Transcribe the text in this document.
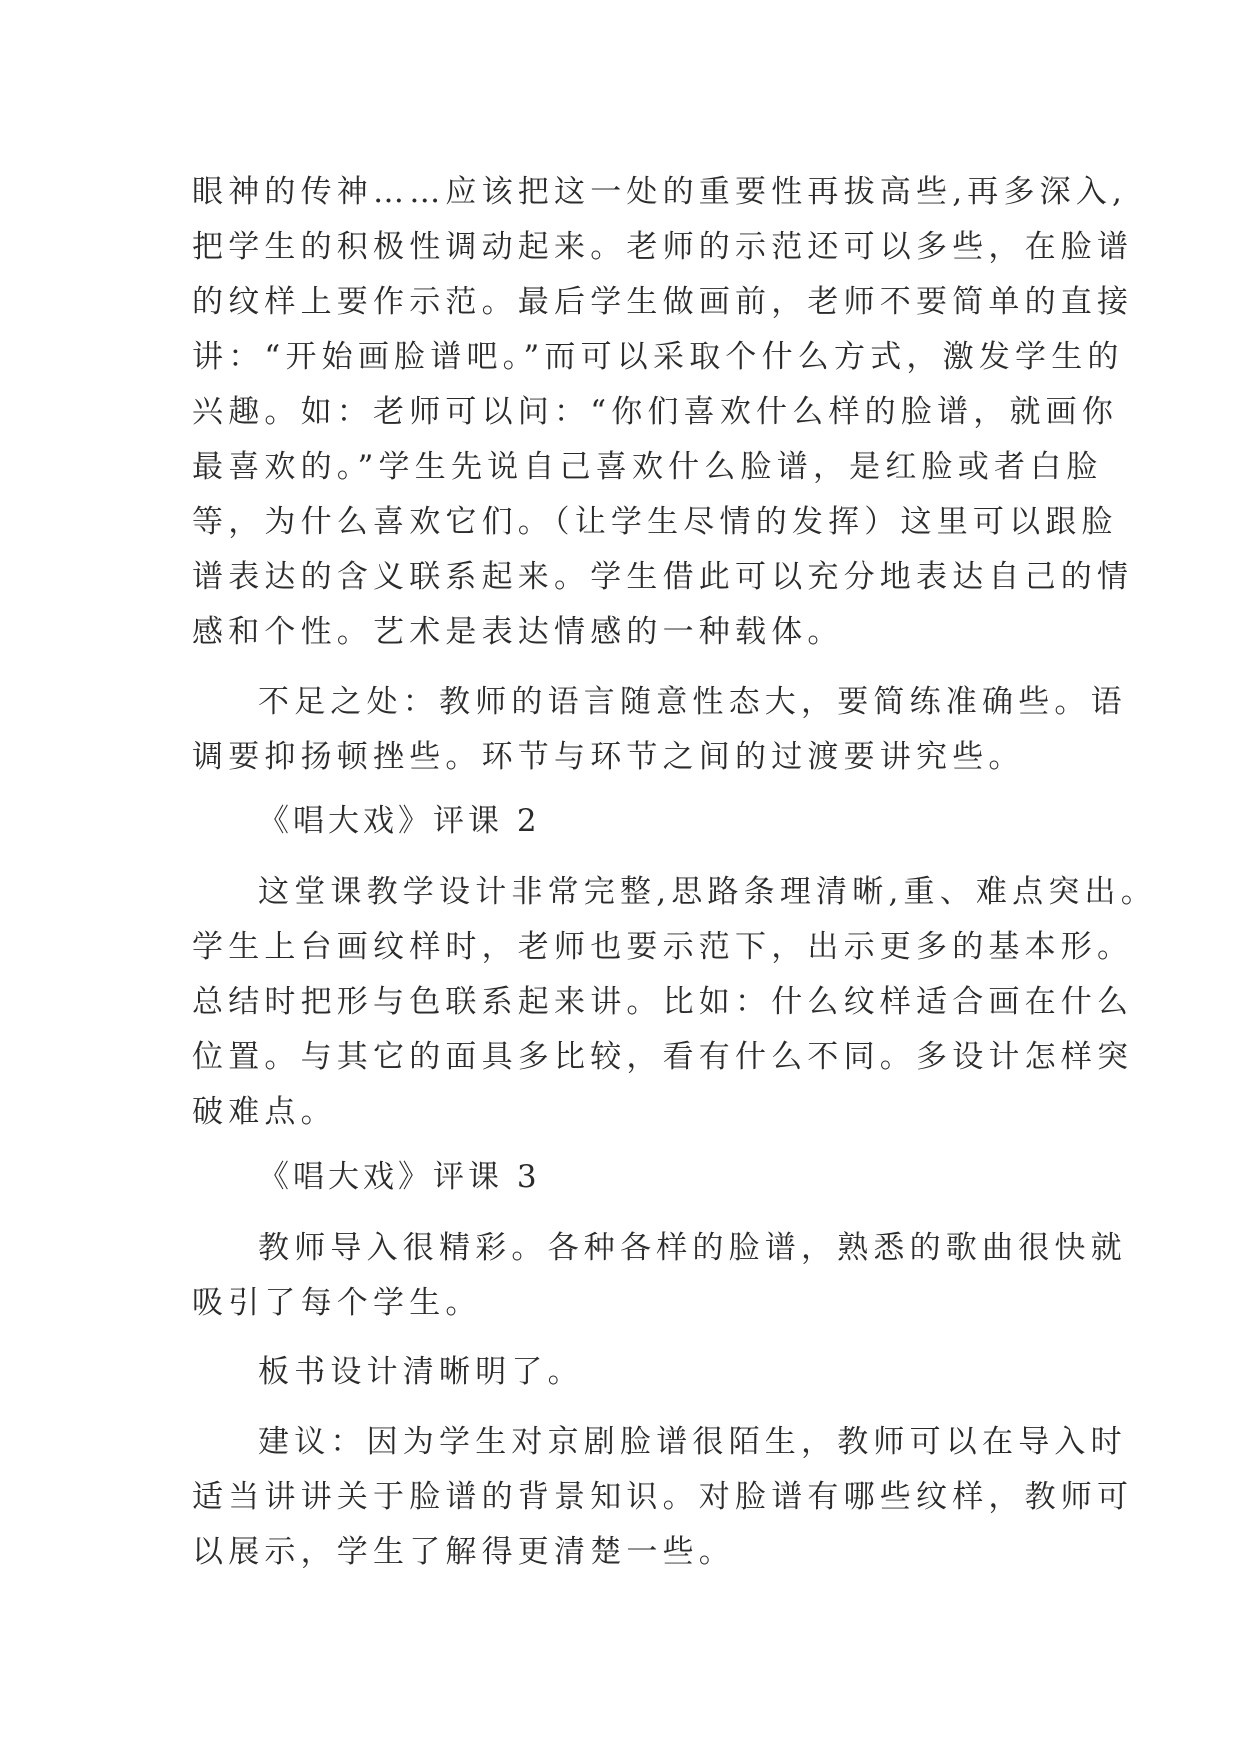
眼神的传神……应该把这一处的重要性再拔高些,再多深入,
把学生的积极性调动起来。老师的示范还可以多些，在脸谱
的纹样上要作示范。最后学生做画前，老师不要简单的直接
讲：“开始画脸谱吧。”而可以采取个什么方式，激发学生的
兴趣。如：老师可以问：“你们喜欢什么样的脸谱，就画你
最喜欢的。”学生先说自己喜欢什么脸谱，是红脸或者白脸
等，为什么喜欢它们。（让学生尽情的发挥）这里可以跟脸
谱表达的含义联系起来。学生借此可以充分地表达自己的情
感和个性。艺术是表达情感的一种载体。
不足之处：教师的语言随意性态大，要简练准确些。语
调要抑扬顿挫些。环节与环节之间的过渡要讲究些。
《唱大戏》评课 2
这堂课教学设计非常完整,思路条理清晰,重、难点突出。
学生上台画纹样时，老师也要示范下，出示更多的基本形。
总结时把形与色联系起来讲。比如：什么纹样适合画在什么
位置。与其它的面具多比较，看有什么不同。多设计怎样突
破难点。
《唱大戏》评课 3
教师导入很精彩。各种各样的脸谱，熟悉的歌曲很快就
吸引了每个学生。
板书设计清晰明了。
建议：因为学生对京剧脸谱很陌生，教师可以在导入时
适当讲讲关于脸谱的背景知识。对脸谱有哪些纹样，教师可
以展示，学生了解得更清楚一些。
